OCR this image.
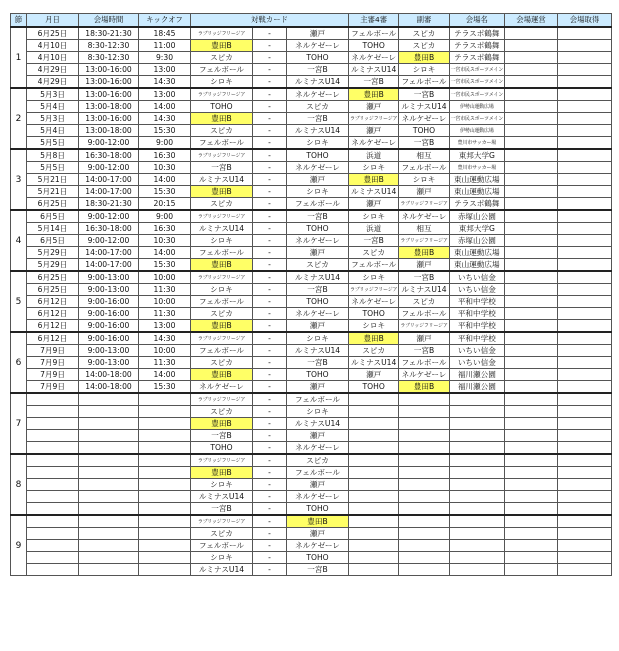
節	月日	会場時間	キックオフ	対戦カード			主審4審	副審	会場名	会場運営	会場取得
1	6月25日	18:30-21:30	18:45	ラブリッジフリージア	-	瀬戸	フェルボール	スピカ	テラスポ鶴舞		
	4月10日	8:30-12:30	11:00	豊田B	-	ネルケゼーレ	TOHO	スピカ	テラスポ鶴舞		
	4月10日	8:30-12:30	9:30	スピカ	-	TOHO	ネルケゼーレ	豊田B	テラスポ鶴舞		
	4月29日	13:00-16:00	13:00	フェルボール	-	一宮B	ルミナスU14	シロキ	一宮市民スポーツメイン		
	4月29日	13:00-16:00	14:30	シロキ	-	ルミナスU14	一宮B	フェルボール	一宮市民スポーツメイン		
2	5月3日	13:00-16:00	13:00	ラブリッジフリージア	-	ネルケゼーレ	豊田B	一宮B	一宮市民スポーツメイン		
	5月4日	13:00-18:00	14:00	TOHO	-	スピカ	瀬戸	ルミナスU14	伊勢山運動広場		
	5月3日	13:00-16:00	14:30	豊田B	-	一宮B	ラブリッジフリージア	ネルケゼーレ	一宮市民スポーツメイン		
	5月4日	13:00-18:00	15:30	スピカ	-	ルミナスU14	瀬戸	TOHO	伊勢山運動広場		
	5月5日	9:00-12:00	9:00	フェルボール	-	シロキ	ネルケゼーレ	一宮B	豊川市サッカー場		
3	5月8日	16:30-18:00	16:30	ラブリッジフリージア	-	TOHO	浜道	相互	東邦大学G		
	5月5日	9:00-12:00	10:30	一宮B	-	ネルケゼーレ	シロキ	フェルボール	豊川市サッカー場		
	5月21日	14:00-17:00	14:00	ルミナスU14	-	瀬戸	豊田B	シロキ	東山運動広場		
	5月21日	14:00-17:00	15:30	豊田B	-	シロキ	ルミナスU14	瀬戸	東山運動広場		
	6月25日	18:30-21:30	20:15	スピカ	-	フェルボール	瀬戸	ラブリッジフリージア	テラスポ鶴舞		
4	6月5日	9:00-12:00	9:00	ラブリッジフリージア	-	一宮B	シロキ	ネルケゼーレ	赤塚山公園		
	5月14日	16:30-18:00	16:30	ルミナスU14	-	TOHO	浜道	相互	東邦大学G		
	6月5日	9:00-12:00	10:30	シロキ	-	ネルケゼーレ	一宮B	ラブリッジフリージア	赤塚山公園		
	5月29日	14:00-17:00	14:00	フェルボール	-	瀬戸	スピカ	豊田B	東山運動広場		
	5月29日	14:00-17:00	15:30	豊田B	-	スピカ	フェルボール	瀬戸	東山運動広場		
5	6月25日	9:00-13:00	10:00	ラブリッジフリージア	-	ルミナスU14	シロキ	一宮B	いちい信金		
	6月25日	9:00-13:00	11:30	シロキ	-	一宮B	ラブリッジフリージア	ルミナスU14	いちい信金		
	6月12日	9:00-16:00	10:00	フェルボール	-	TOHO	ネルケゼーレ	スピカ	平和中学校		
	6月12日	9:00-16:00	11:30	スピカ	-	ネルケゼーレ	TOHO	フェルボール	平和中学校		
	6月12日	9:00-16:00	13:00	豊田B	-	瀬戸	シロキ	ラブリッジフリージア	平和中学校		
6	6月12日	9:00-16:00	14:30	ラブリッジフリージア	-	シロキ	豊田B	瀬戸	平和中学校		
	7月9日	9:00-13:00	10:00	フェルボール	-	ルミナスU14	スピカ	一宮B	いちい信金		
	7月9日	9:00-13:00	11:30	スピカ	-	一宮B	ルミナスU14	フェルボール	いちい信金		
	7月9日	14:00-18:00	14:00	豊田B	-	TOHO	瀬戸	ネルケゼーレ	福川瀬公園		
	7月9日	14:00-18:00	15:30	ネルケゼーレ	-	瀬戸	TOHO	豊田B	福川瀬公園		
7				ラブリッジフリージア	-	フェルボール					
				スピカ	-	シロキ					
				豊田B	-	ルミナスU14					
				一宮B	-	瀬戸					
				TOHO	-	ネルケゼーレ					
8				ラブリッジフリージア	-	スピカ					
				豊田B	-	フェルボール					
				シロキ	-	瀬戸					
				ルミナスU14	-	ネルケゼーレ					
				一宮B	-	TOHO					
9				ラブリッジフリージア	-	豊田B					
				スピカ	-	瀬戸					
				フェルボール	-	ネルケゼーレ					
				シロキ	-	TOHO					
				ルミナスU14	-	一宮B					
